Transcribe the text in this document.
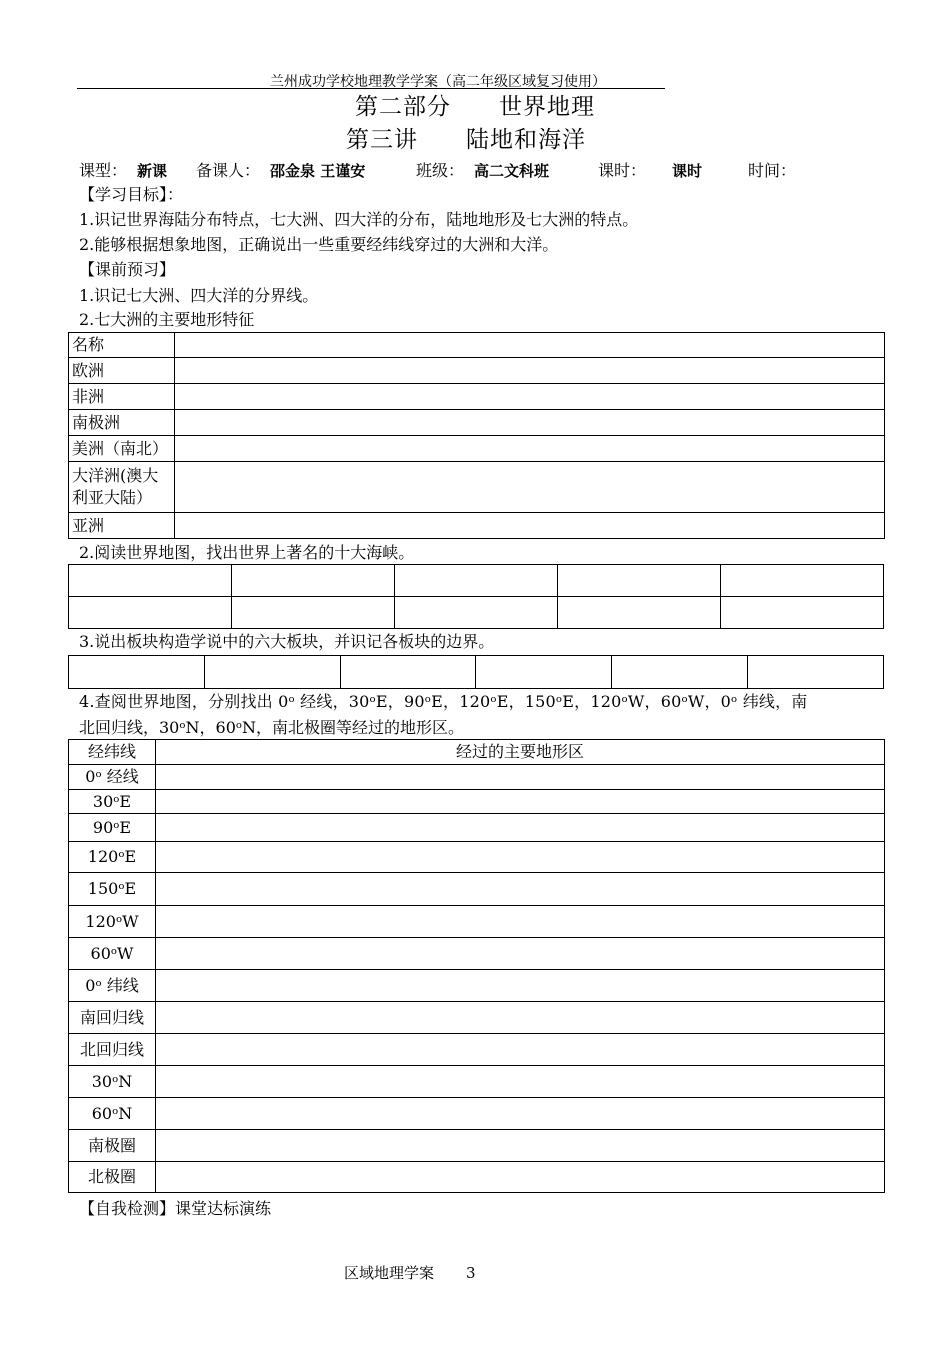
兰州成功学校地理教学学案（高二年级区域复习使用）
第二部分　　世界地理
第三讲　　陆地和海洋
课型： 新课 备课人： 邵金泉 王谨安	班级： 高二文科班	课时： 课时	时间：
【学习目标】：
1.识记世界海陆分布特点，七大洲、四大洋的分布，陆地地形及七大洲的特点。
2.能够根据想象地图，正确说出一些重要经纬线穿过的大洲和大洋。
【课前预习】
1.识记七大洲、四大洋的分界线。
2.七大洲的主要地形特征
名称	
欧洲	
非洲	
南极洲	
美洲（南北）	

大洋洲(澳大
利亚大陆）	

亚洲	
2.阅读世界地图，找出世界上著名的十大海峡。

3.说出板块构造学说中的六大板块，并识记各板块的边界。

4.查阅世界地图，分别找出 0ᵒ 经线，30ᵒE，90ᵒE，120ᵒE，150ᵒE，120ᵒW，60ᵒW，0ᵒ 纬线，南
北回归线，30ᵒN，60ᵒN，南北极圈等经过的地形区。
经纬线	经过的主要地形区
0ᵒ 经线	
30ᵒE	
90ᵒE	
120ᵒE	
150ᵒE	
120ᵒW	
60ᵒW	
0ᵒ 纬线	
南回归线	
北回归线	
30ᵒN	
60ᵒN	
南极圈	
北极圈	
【自我检测】课堂达标演练
区域地理学案 3
